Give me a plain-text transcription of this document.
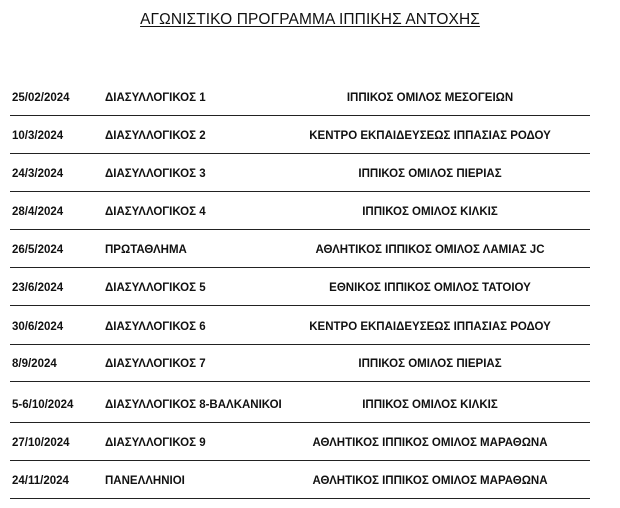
ΑΓΩΝΙΣΤΙΚΟ ΠΡΟΓΡΑΜΜΑ ΙΠΠΙΚΗΣ ΑΝΤΟΧΗΣ
25/02/2024	ΔΙΑΣΥΛΛΟΓΙΚΟΣ 1	ΙΠΠΙΚΟΣ ΟΜΙΛΟΣ ΜΕΣΟΓΕΙΩΝ
10/3/2024	ΔΙΑΣΥΛΛΟΓΙΚΟΣ 2	ΚΕΝΤΡΟ ΕΚΠΑΙΔΕΥΣΕΩΣ ΙΠΠΑΣΙΑΣ ΡΟΔΟΥ
24/3/2024	ΔΙΑΣΥΛΛΟΓΙΚΟΣ 3	ΙΠΠΙΚΟΣ ΟΜΙΛΟΣ ΠΙΕΡΙΑΣ
28/4/2024	ΔΙΑΣΥΛΛΟΓΙΚΟΣ 4	ΙΠΠΙΚΟΣ ΟΜΙΛΟΣ ΚΙΛΚΙΣ
26/5/2024	ΠΡΩΤΑΘΛΗΜΑ	ΑΘΛΗΤΙΚΟΣ ΙΠΠΙΚΟΣ ΟΜΙΛΟΣ ΛΑΜΙΑΣ JC
23/6/2024	ΔΙΑΣΥΛΛΟΓΙΚΟΣ 5	ΕΘΝΙΚΟΣ ΙΠΠΙΚΟΣ ΟΜΙΛΟΣ ΤΑΤΟΙΟΥ
30/6/2024	ΔΙΑΣΥΛΛΟΓΙΚΟΣ 6	ΚΕΝΤΡΟ ΕΚΠΑΙΔΕΥΣΕΩΣ ΙΠΠΑΣΙΑΣ ΡΟΔΟΥ
8/9/2024	ΔΙΑΣΥΛΛΟΓΙΚΟΣ 7	ΙΠΠΙΚΟΣ ΟΜΙΛΟΣ ΠΙΕΡΙΑΣ
5-6/10/2024	ΔΙΑΣΥΛΛΟΓΙΚΟΣ 8-ΒΑΛΚΑΝΙΚΟΙ	ΙΠΠΙΚΟΣ ΟΜΙΛΟΣ ΚΙΛΚΙΣ
27/10/2024	ΔΙΑΣΥΛΛΟΓΙΚΟΣ 9	ΑΘΛΗΤΙΚΟΣ ΙΠΠΙΚΟΣ ΟΜΙΛΟΣ ΜΑΡΑΘΩΝΑ
24/11/2024	ΠΑΝΕΛΛΗΝΙΟΙ	ΑΘΛΗΤΙΚΟΣ ΙΠΠΙΚΟΣ ΟΜΙΛΟΣ ΜΑΡΑΘΩΝΑ
